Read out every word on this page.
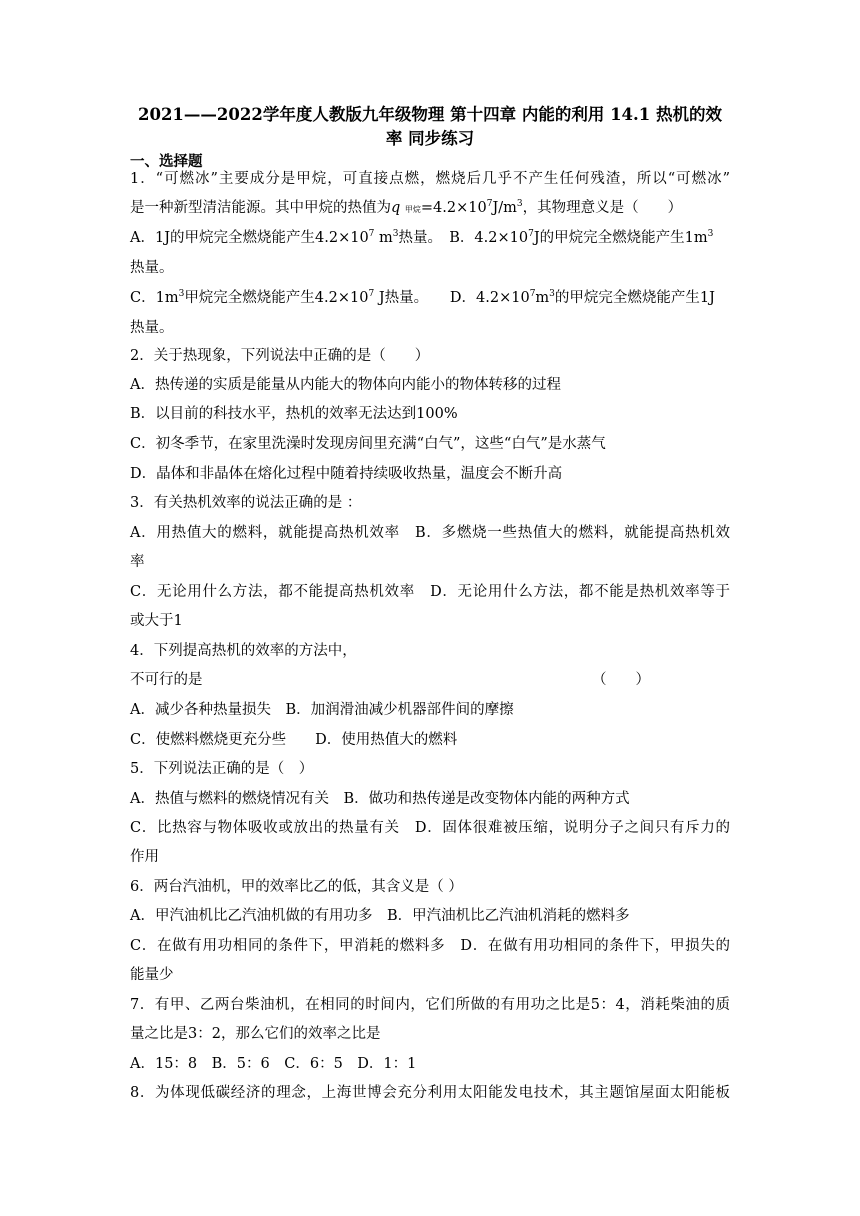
2021——2022学年度人教版九年级物理 第十四章 内能的利用 14.1 热机的效
率 同步练习
一、选择题
1．“可燃冰”主要成分是甲烷，可直接点燃，燃烧后几乎不产生任何残渣，所以“可燃冰”
是一种新型清洁能源。其中甲烷的热值为q 甲烷$=4.2\times 10^7J/m^3$，其物理意义是（　　）
A．1J的甲烷完全燃烧能产生$4.2\times 10^7$ $m^3$热量。　B．$4.2\times 10^7J$的甲烷完全燃烧能产生$1m^3$
热量。
C．$1m^3$甲烷完全燃烧能产生$4.2\times 10^7$ J热量。　　D．$4.2\times 10^7m^3$的甲烷完全燃烧能产生1J
热量。
2．关于热现象，下列说法中正确的是（　　）
A．热传递的实质是能量从内能大的物体向内能小的物体转移的过程
B．以目前的科技水平，热机的效率无法达到100%
C．初冬季节，在家里洗澡时发现房间里充满“白气”，这些“白气”是水蒸气
D．晶体和非晶体在熔化过程中随着持续吸收热量，温度会不断升高
3．有关热机效率的说法正确的是 ：
A．用热值大的燃料，就能提高热机效率　B．多燃烧一些热值大的燃料，就能提高热机效
率
C．无论用什么方法，都不能提高热机效率　D．无论用什么方法，都不能是热机效率等于
或大于1
4．下列提高热机的效率的方法中，
不可行的是	（　　）
A．减少各种热量损失　B．加润滑油减少机器部件间的摩擦
C．使燃料燃烧更充分些　　D．使用热值大的燃料
5．下列说法正确的是（　）
A．热值与燃料的燃烧情况有关　B．做功和热传递是改变物体内能的两种方式
C．比热容与物体吸收或放出的热量有关　D．固体很难被压缩，说明分子之间只有斥力的
作用
6．两台汽油机，甲的效率比乙的低，其含义是（ ）
A．甲汽油机比乙汽油机做的有用功多　B．甲汽油机比乙汽油机消耗的燃料多
C．在做有用功相同的条件下，甲消耗的燃料多　D．在做有用功相同的条件下，甲损失的
能量少
7．有甲、乙两台柴油机，在相同的时间内，它们所做的有用功之比是5：4，消耗柴油的质
量之比是3：2，那么它们的效率之比是
A．15：8　B．5：6　C．6：5　D．1：1
8．为体现低碳经济的理念，上海世博会充分利用太阳能发电技术，其主题馆屋面太阳能板
